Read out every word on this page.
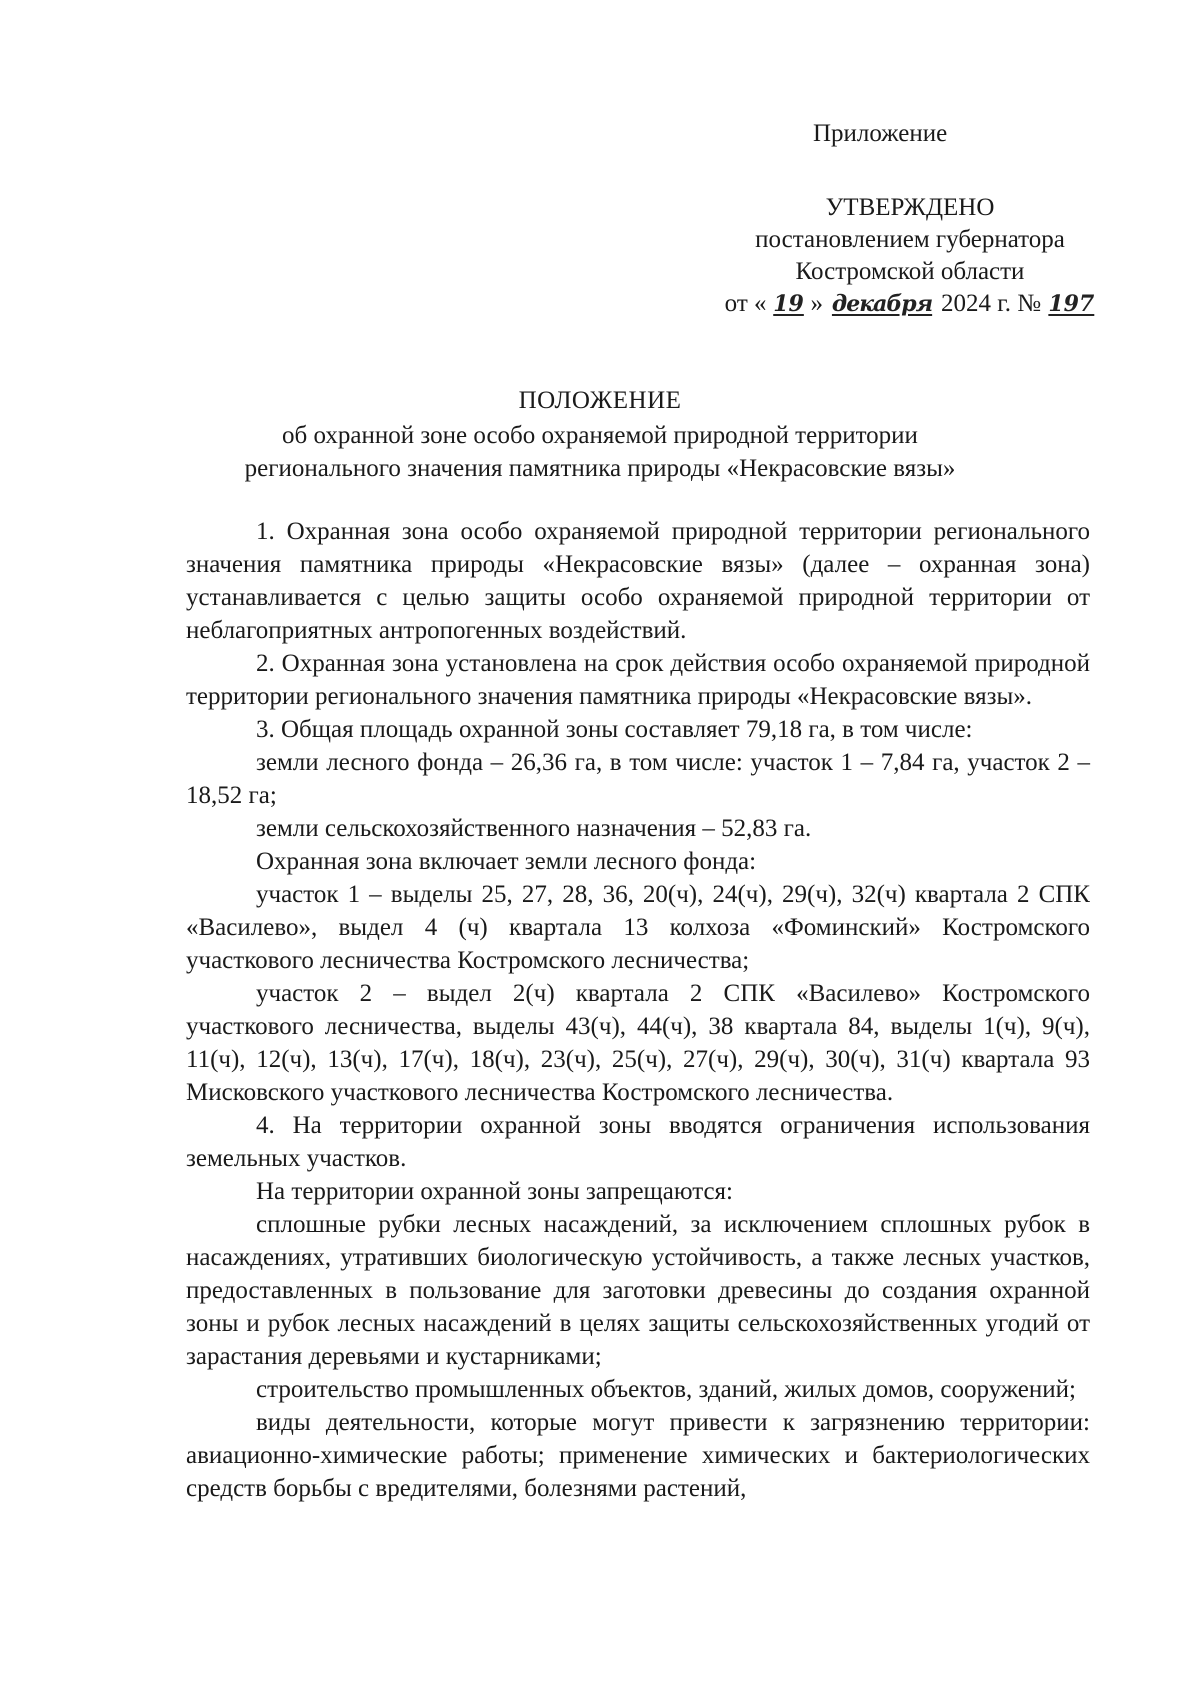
Приложение
УТВЕРЖДЕНО
постановлением губернатора
Костромской области
от « 19 » декабря 2024 г. № 197
ПОЛОЖЕНИЕ
об охранной зоне особо охраняемой природной территории
регионального значения памятника природы «Некрасовские вязы»

1. Охранная зона особо охраняемой природной территории регионального значения памятника природы «Некрасовские вязы» (далее – охранная зона) устанавливается с целью защиты особо охраняемой природной территории от неблагоприятных антропогенных воздействий.

2. Охранная зона установлена на срок действия особо охраняемой природной территории регионального значения памятника природы «Некрасовские вязы».

3. Общая площадь охранной зоны составляет 79,18 га, в том числе:

земли лесного фонда – 26,36 га, в том числе: участок 1 – 7,84 га, участок 2 – 18,52 га;

земли сельскохозяйственного назначения – 52,83 га.

Охранная зона включает земли лесного фонда:

участок 1 – выделы 25, 27, 28, 36, 20(ч), 24(ч), 29(ч), 32(ч) квартала 2 СПК «Василево», выдел 4 (ч) квартала 13 колхоза «Фоминский» Костромского участкового лесничества Костромского лесничества;

участок 2 – выдел 2(ч) квартала 2 СПК «Василево» Костромского участкового лесничества, выделы 43(ч), 44(ч), 38 квартала 84, выделы 1(ч), 9(ч), 11(ч), 12(ч), 13(ч), 17(ч), 18(ч), 23(ч), 25(ч), 27(ч), 29(ч), 30(ч), 31(ч) квартала 93 Мисковского участкового лесничества Костромского лесничества.

4. На территории охранной зоны вводятся ограничения использования земельных участков.

На территории охранной зоны запрещаются:

сплошные рубки лесных насаждений, за исключением сплошных рубок в насаждениях, утративших биологическую устойчивость, а также лесных участков, предоставленных в пользование для заготовки древесины до создания охранной зоны и рубок лесных насаждений в целях защиты сельскохозяйственных угодий от зарастания деревьями и кустарниками;

строительство промышленных объектов, зданий, жилых домов, сооружений;

виды деятельности, которые могут привести к загрязнению территории: авиационно-химические работы; применение химических и бактериологических средств борьбы с вредителями, болезнями растений,
